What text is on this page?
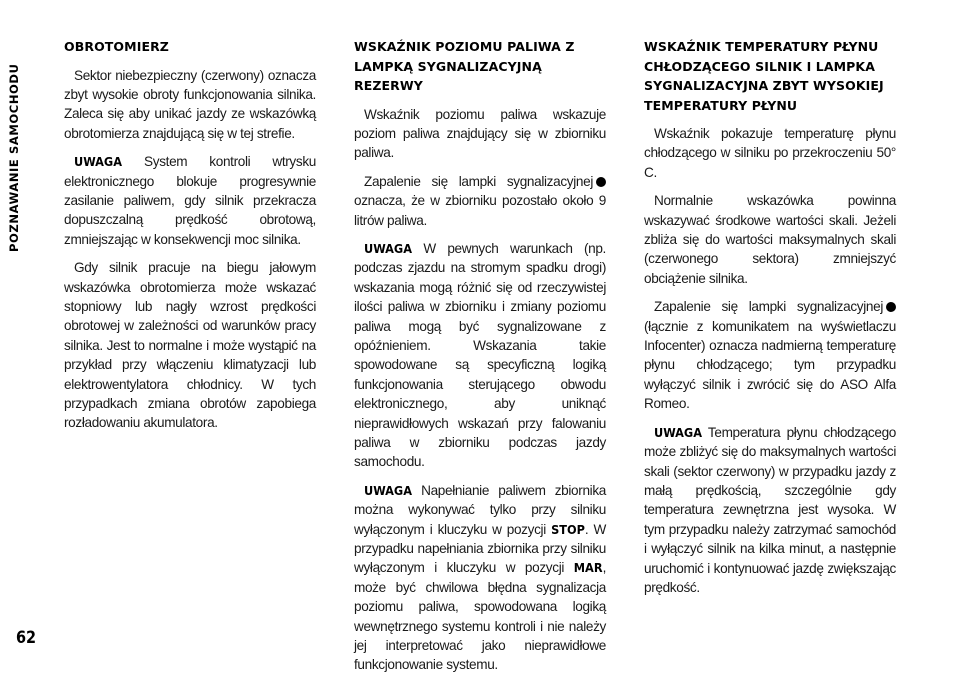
POZNAWANIE SAMOCHODU
OBROTOMIERZ

Sektor niebezpieczny (czerwony) oznacza zbyt wysokie obroty funkcjonowania silnika. Zaleca się aby unikać jazdy ze wskazówką obrotomierza znajdującą się w tej strefie.

UWAGA System kontroli wtrysku elektronicznego blokuje progresywnie zasilanie paliwem, gdy silnik przekracza dopuszczalną prędkość obrotową, zmniejszając w konsekwencji moc silnika.

Gdy silnik pracuje na biegu jałowym wskazówka obrotomierza może wskazać stopniowy lub nagły wzrost prędkości obrotowej w zależności od warunków pracy silnika. Jest to normalne i może wystąpić na przykład przy włączeniu klimatyzacji lub elektrowentylatora chłodnicy. W tych przypadkach zmiana obrotów zapobiega rozładowaniu akumulatora.

WSKAŹNIK POZIOMU PALIWA Z LAMPKĄ SYGNALIZACYJNĄ REZERWY

Wskaźnik poziomu paliwa wskazuje poziom paliwa znajdujący się w zbiorniku paliwa.

Zapalenie się lampki sygnalizacyjnej oznacza, że w zbiorniku pozostało około 9 litrów paliwa.

UWAGA W pewnych warunkach (np. podczas zjazdu na stromym spadku drogi) wskazania mogą różnić się od rzeczywistej ilości paliwa w zbiorniku i zmiany poziomu paliwa mogą być sygnalizowane z opóźnieniem. Wskazania takie spowodowane są specyficzną logiką funkcjonowania sterującego obwodu elektronicznego, aby uniknąć nieprawidłowych wskazań przy falowaniu paliwa w zbiorniku podczas jazdy samochodu.

UWAGA Napełnianie paliwem zbiornika można wykonywać tylko przy silniku wyłączonym i kluczyku w pozycji STOP. W przypadku napełniania zbiornika przy silniku wyłączonym i kluczyku w pozycji MAR, może być chwilowa błędna sygnalizacja poziomu paliwa, spowodowana logiką wewnętrznego systemu kontroli i nie należy jej interpretować jako nieprawidłowe funkcjonowanie systemu.

WSKAŹNIK TEMPERATURY PŁYNU CHŁODZĄCEGO SILNIK I LAMPKA SYGNALIZACYJNA ZBYT WYSOKIEJ TEMPERATURY PŁYNU

Wskaźnik pokazuje temperaturę płynu chłodzącego w silniku po przekroczeniu 50° C.

Normalnie wskazówka powinna wskazywać środkowe wartości skali. Jeżeli zbliża się do wartości maksymalnych skali (czerwonego sektora) zmniejszyć obciążenie silnika.

Zapalenie się lampki sygnalizacyjnej (łącznie z komunikatem na wyświetlaczu Infocenter) oznacza nadmierną temperaturę płynu chłodzącego; tym przypadku wyłączyć silnik i zwrócić się do ASO Alfa Romeo.

UWAGA Temperatura płynu chłodzącego może zbliżyć się do maksymalnych wartości skali (sektor czerwony) w przypadku jazdy z małą prędkością, szczególnie gdy temperatura zewnętrzna jest wysoka. W tym przypadku należy zatrzymać samochód i wyłączyć silnik na kilka minut, a następnie uruchomić i kontynuować jazdę zwiększając prędkość.

62
